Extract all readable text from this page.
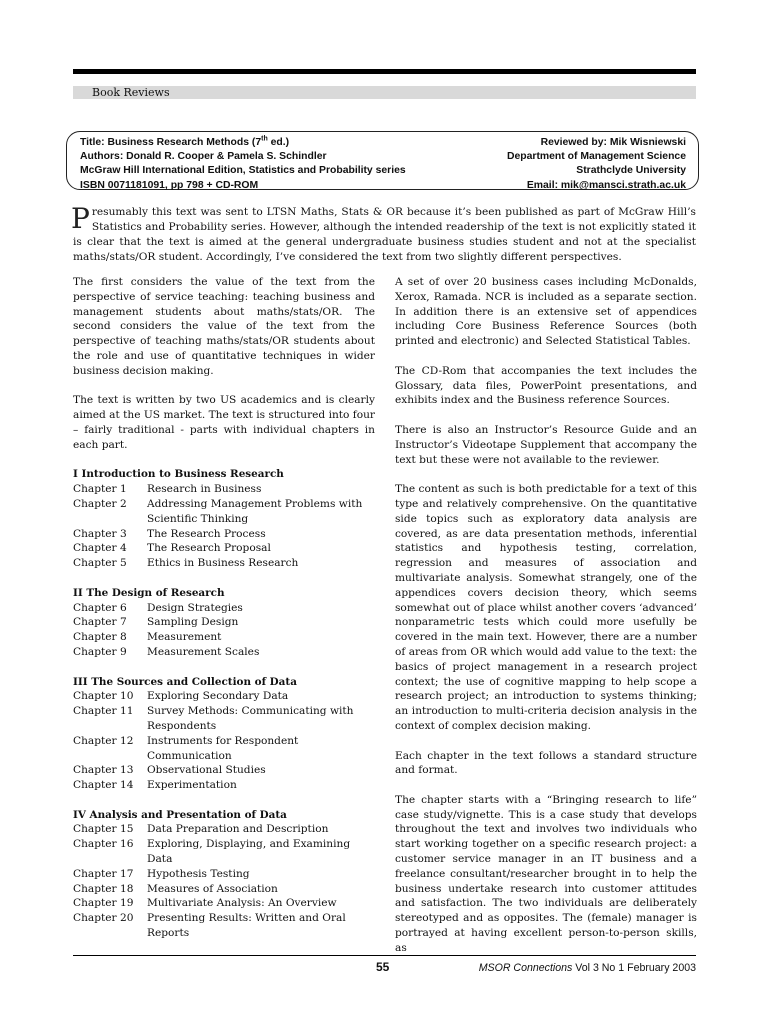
Book Reviews
Title: Business Research Methods (7th ed.)
Authors: Donald R. Cooper & Pamela S. Schindler
McGraw Hill International Edition, Statistics and Probability series
ISBN 0071181091, pp 798 + CD-ROM
Reviewed by: Mik Wisniewski
Department of Management Science
Strathclyde University
Email: mik@mansci.strath.ac.uk
Presumably this text was sent to LTSN Maths, Stats & OR because it’s been published as part of McGraw Hill’s Statistics and Probability series. However, although the intended readership of the text is not explicitly stated it is clear that the text is aimed at the general undergraduate business studies student and not at the specialist maths/stats/OR student. Accordingly, I’ve considered the text from two slightly different perspectives.

The first considers the value of the text from the perspective of service teaching: teaching business and management students about maths/stats/OR. The second considers the value of the text from the perspective of teaching maths/stats/OR students about the role and use of quantitative techniques in wider business decision making.

The text is written by two US academics and is clearly aimed at the US market. The text is structured into four – fairly traditional - parts with individual chapters in each part.

I Introduction to Business Research
Chapter 1	Research in Business
Chapter 2	Addressing Management Problems with Scientific Thinking
Chapter 3	The Research Process
Chapter 4	The Research Proposal
Chapter 5	Ethics in Business Research
II The Design of Research
Chapter 6	Design Strategies
Chapter 7	Sampling Design
Chapter 8	Measurement
Chapter 9	Measurement Scales
III The Sources and Collection of Data
Chapter 10	Exploring Secondary Data
Chapter 11	Survey Methods: Communicating with Respondents
Chapter 12	Instruments for Respondent Communication
Chapter 13	Observational Studies
Chapter 14	Experimentation
IV Analysis and Presentation of Data
Chapter 15	Data Preparation and Description
Chapter 16	Exploring, Displaying, and Examining Data
Chapter 17	Hypothesis Testing
Chapter 18	Measures of Association
Chapter 19	Multivariate Analysis: An Overview
Chapter 20	Presenting Results: Written and Oral Reports

A set of over 20 business cases including McDonalds, Xerox, Ramada. NCR is included as a separate section. In addition there is an extensive set of appendices including Core Business Reference Sources (both printed and electronic) and Selected Statistical Tables.

The CD-Rom that accompanies the text includes the Glossary, data files, PowerPoint presentations, and exhibits index and the Business reference Sources.

There is also an Instructor’s Resource Guide and an Instructor’s Videotape Supplement that accompany the text but these were not available to the reviewer.

The content as such is both predictable for a text of this type and relatively comprehensive. On the quantitative side topics such as exploratory data analysis are covered, as are data presentation methods, inferential statistics and hypothesis testing, correlation, regression and measures of association and multivariate analysis. Somewhat strangely, one of the appendices covers decision theory, which seems somewhat out of place whilst another covers ‘advanced’ nonparametric tests which could more usefully be covered in the main text. However, there are a number of areas from OR which would add value to the text: the basics of project management in a research project context; the use of cognitive mapping to help scope a research project; an introduction to systems thinking; an introduction to multi-criteria decision analysis in the context of complex decision making.

Each chapter in the text follows a standard structure and format.

The chapter starts with a “Bringing research to life” case study/vignette. This is a case study that develops throughout the text and involves two individuals who start working together on a specific research project: a customer service manager in an IT business and a freelance consultant/researcher brought in to help the business undertake research into customer attitudes and satisfaction. The two individuals are deliberately stereotyped and as opposites. The (female) manager is portrayed at having excellent person-to-person skills, as

55	MSOR Connections Vol 3 No 1 February 2003
